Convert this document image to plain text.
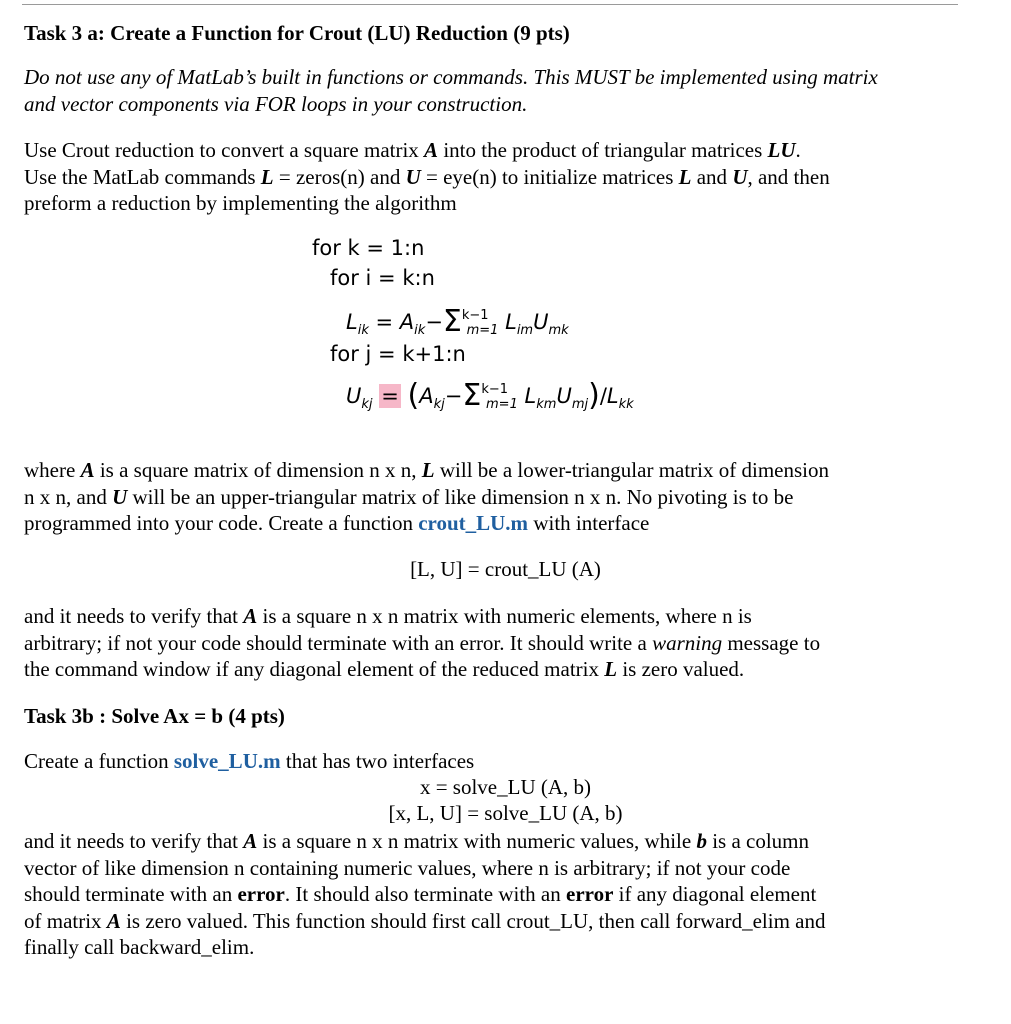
Task 3 a: Create a Function for Crout (LU) Reduction (9 pts)
Do not use any of MatLab’s built in functions or commands. This MUST be implemented using matrix
and vector components via FOR loops in your construction.
Use Crout reduction to convert a square matrix A into the product of triangular matrices LU.
Use the MatLab commands L = zeros(n) and U = eye(n) to initialize matrices L and U, and then
preform a reduction by implementing the algorithm
for k = 1:n
for i = k:n
$L_{ik} = A_{ik}-\Sigma^{k-1}_{m=1}$ $L_{im}U_{mk}$
for j = k+1:n
$U_{kj} = (A_{kj}-\Sigma^{k-1}_{m=1}$ $L_{km}U_{mj})/L_{kk}$
where A is a square matrix of dimension n x n, L will be a lower-triangular matrix of dimension
n x n, and U will be an upper-triangular matrix of like dimension n x n. No pivoting is to be
programmed into your code. Create a function crout_LU.m with interface
[L, U] = crout_LU (A)
and it needs to verify that A is a square n x n matrix with numeric elements, where n is
arbitrary; if not your code should terminate with an error. It should write a warning message to
the command window if any diagonal element of the reduced matrix L is zero valued.
Task 3b : Solve Ax = b (4 pts)
Create a function solve_LU.m that has two interfaces
x = solve_LU (A, b)
[x, L, U] = solve_LU (A, b)
and it needs to verify that A is a square n x n matrix with numeric values, while b is a column
vector of like dimension n containing numeric values, where n is arbitrary; if not your code
should terminate with an error. It should also terminate with an error if any diagonal element
of matrix A is zero valued. This function should first call crout_LU, then call forward_elim and
finally call backward_elim.
